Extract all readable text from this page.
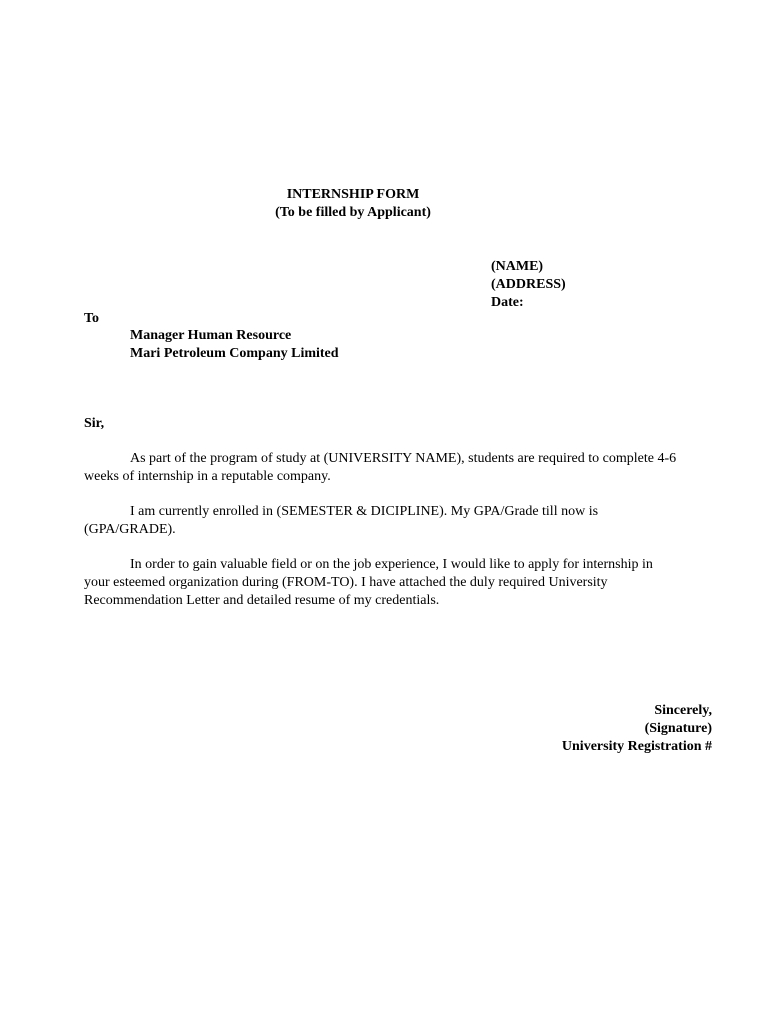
INTERNSHIP FORM
(To be filled by Applicant)
(NAME)
(ADDRESS)
Date:
To
Manager Human Resource
Mari Petroleum Company Limited
Sir,
As part of the program of study at (UNIVERSITY NAME), students are required to complete 4-6
weeks of internship in a reputable company.
I am currently enrolled in (SEMESTER & DICIPLINE). My GPA/Grade till now is
(GPA/GRADE).
In order to gain valuable field or on the job experience, I would like to apply for internship in
your esteemed organization during (FROM-TO). I have attached the duly required University
Recommendation Letter and detailed resume of my credentials.
Sincerely,
(Signature)
University Registration #
